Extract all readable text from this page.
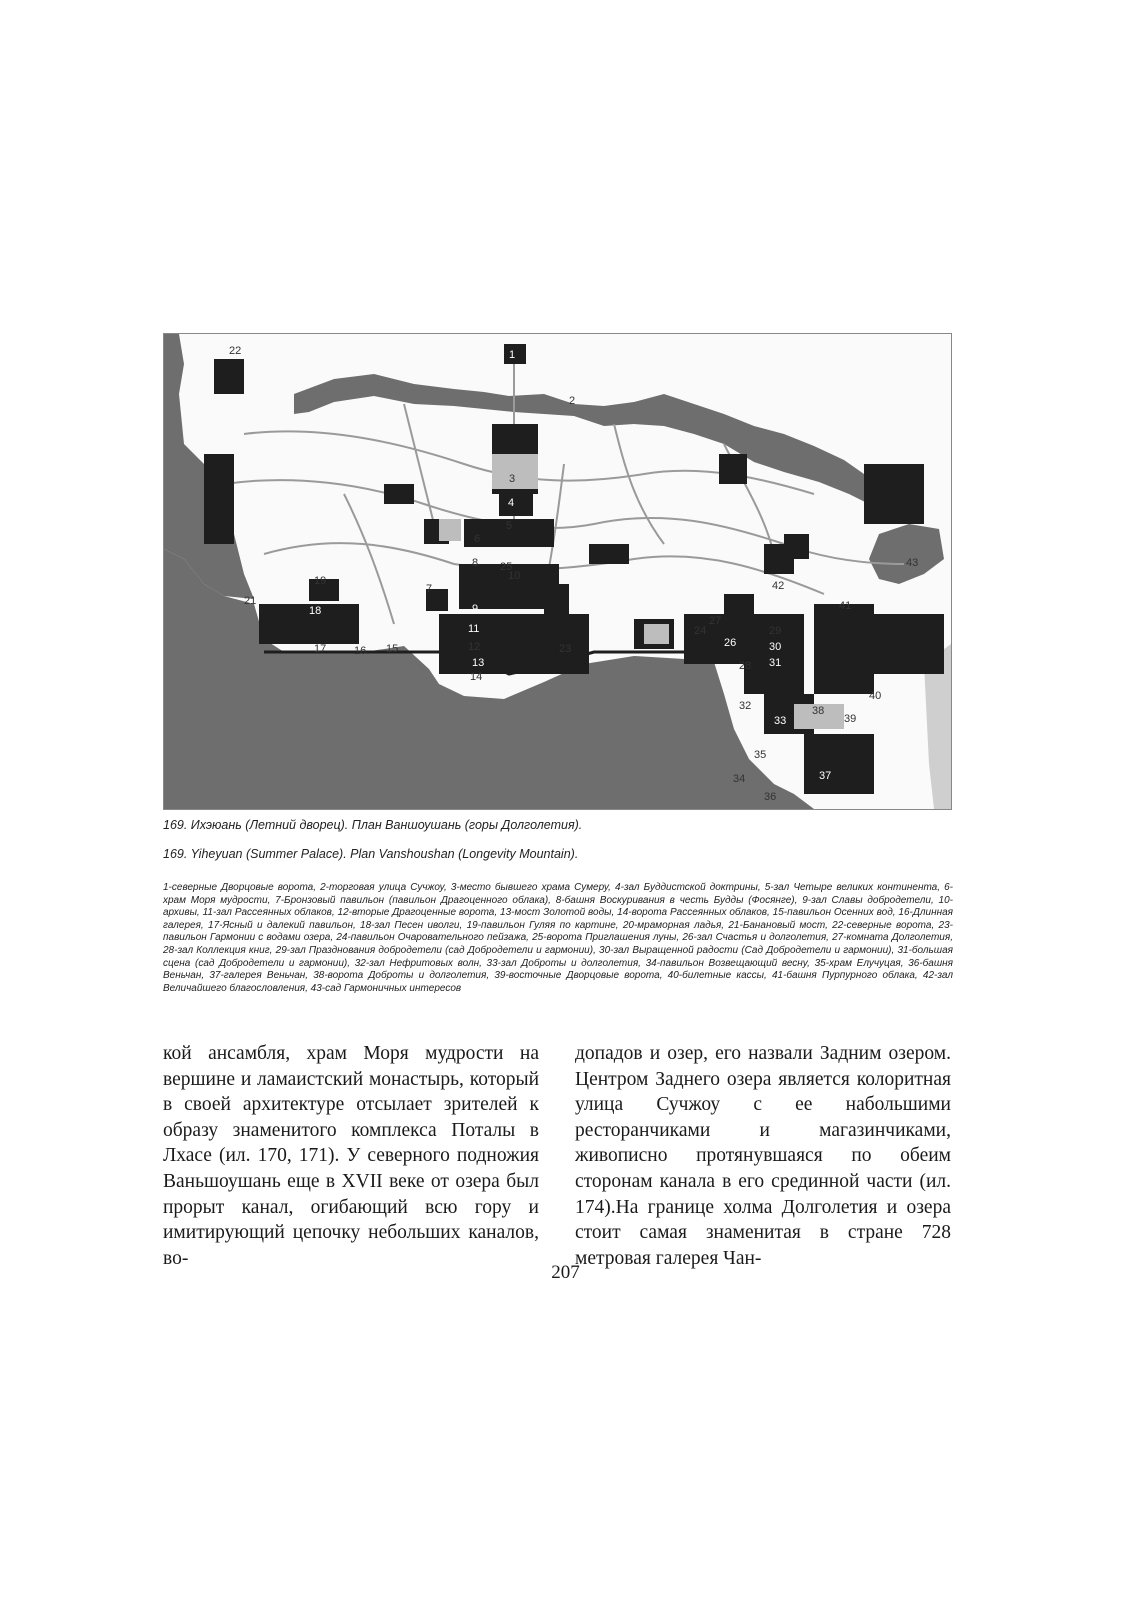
1
2
3
4
5
6
7
8
9
10
11
12
13
14
15
16
17
18
19
21
22
23
24
27
26
29
30
31
28
32
33
34
35
36
37
38
39
40
41
42
43
25
169. Ихэюань (Летний дворец). План Ваншоушань (горы Долголетия).
169. Yiheyuan (Summer Palace). Plan Vanshoushan (Longevity Mountain).
1-северные Дворцовые ворота, 2-торговая улица Сучжоу, 3-место бывшего храма Сумеру, 4-зал Буддистской доктрины, 5-зал Четыре великих континента, 6-храм Моря мудрости, 7-Бронзовый павильон (павильон Драгоценного облака), 8-башня Воскуривания в честь Будды (Фосянге), 9-зал Славы добродетели, 10-архивы, 11-зал Рассеянных облаков, 12-вторые Драгоценные ворота, 13-мост Золотой воды, 14-ворота Рассеянных облаков, 15-павильон Осенних вод, 16-Длинная галерея, 17-Ясный и далекий павильон, 18-зал Песен иволги, 19-павильон Гуляя по картине, 20-мраморная ладья, 21-Банановый мост, 22-северные ворота, 23-павильон Гармонии с водами озера, 24-павильон Очаровательного пейзажа, 25-ворота Приглашения луны, 26-зал Счастья и долголетия, 27-комната Долголетия, 28-зал Коллекция книг, 29-зал Празднования добродетели (сад Добродетели и гармонии), 30-зал Выращенной радости (Сад Добродетели и гармонии), 31-большая сцена (сад Добродетели и гармонии), 32-зал Нефритовых волн, 33-зал Доброты и долголетия, 34-павильон Возвещающий весну, 35-храм Елучуцая, 36-башня Веньчан, 37-галерея Веньчан, 38-ворота Доброты и долголетия, 39-восточные Дворцовые ворота, 40-билетные кассы, 41-башня Пурпурного облака, 42-зал Величайшего благословления, 43-сад Гармоничных интересов
кой ансамбля, храм Моря мудрости на вершине и ламаистский монастырь, который в своей архитектуре отсылает зрителей к образу знаменитого комплекса Поталы в Лхасе (ил. 170, 171). У северного подножия Ваньшоушань еще в XVII веке от озера был прорыт канал, огибающий всю гору и имитирующий цепочку небольших каналов, во-
допадов и озер, его назвали Задним озером. Центром Заднего озера является колоритная улица Сучжоу с ее набольшими ресторанчиками и магазинчиками, живописно протянувшаяся по обеим сторонам канала в его срединной части (ил. 174).На границе холма Долголетия и озера стоит самая знаменитая в стране 728 метровая галерея Чан-
207
